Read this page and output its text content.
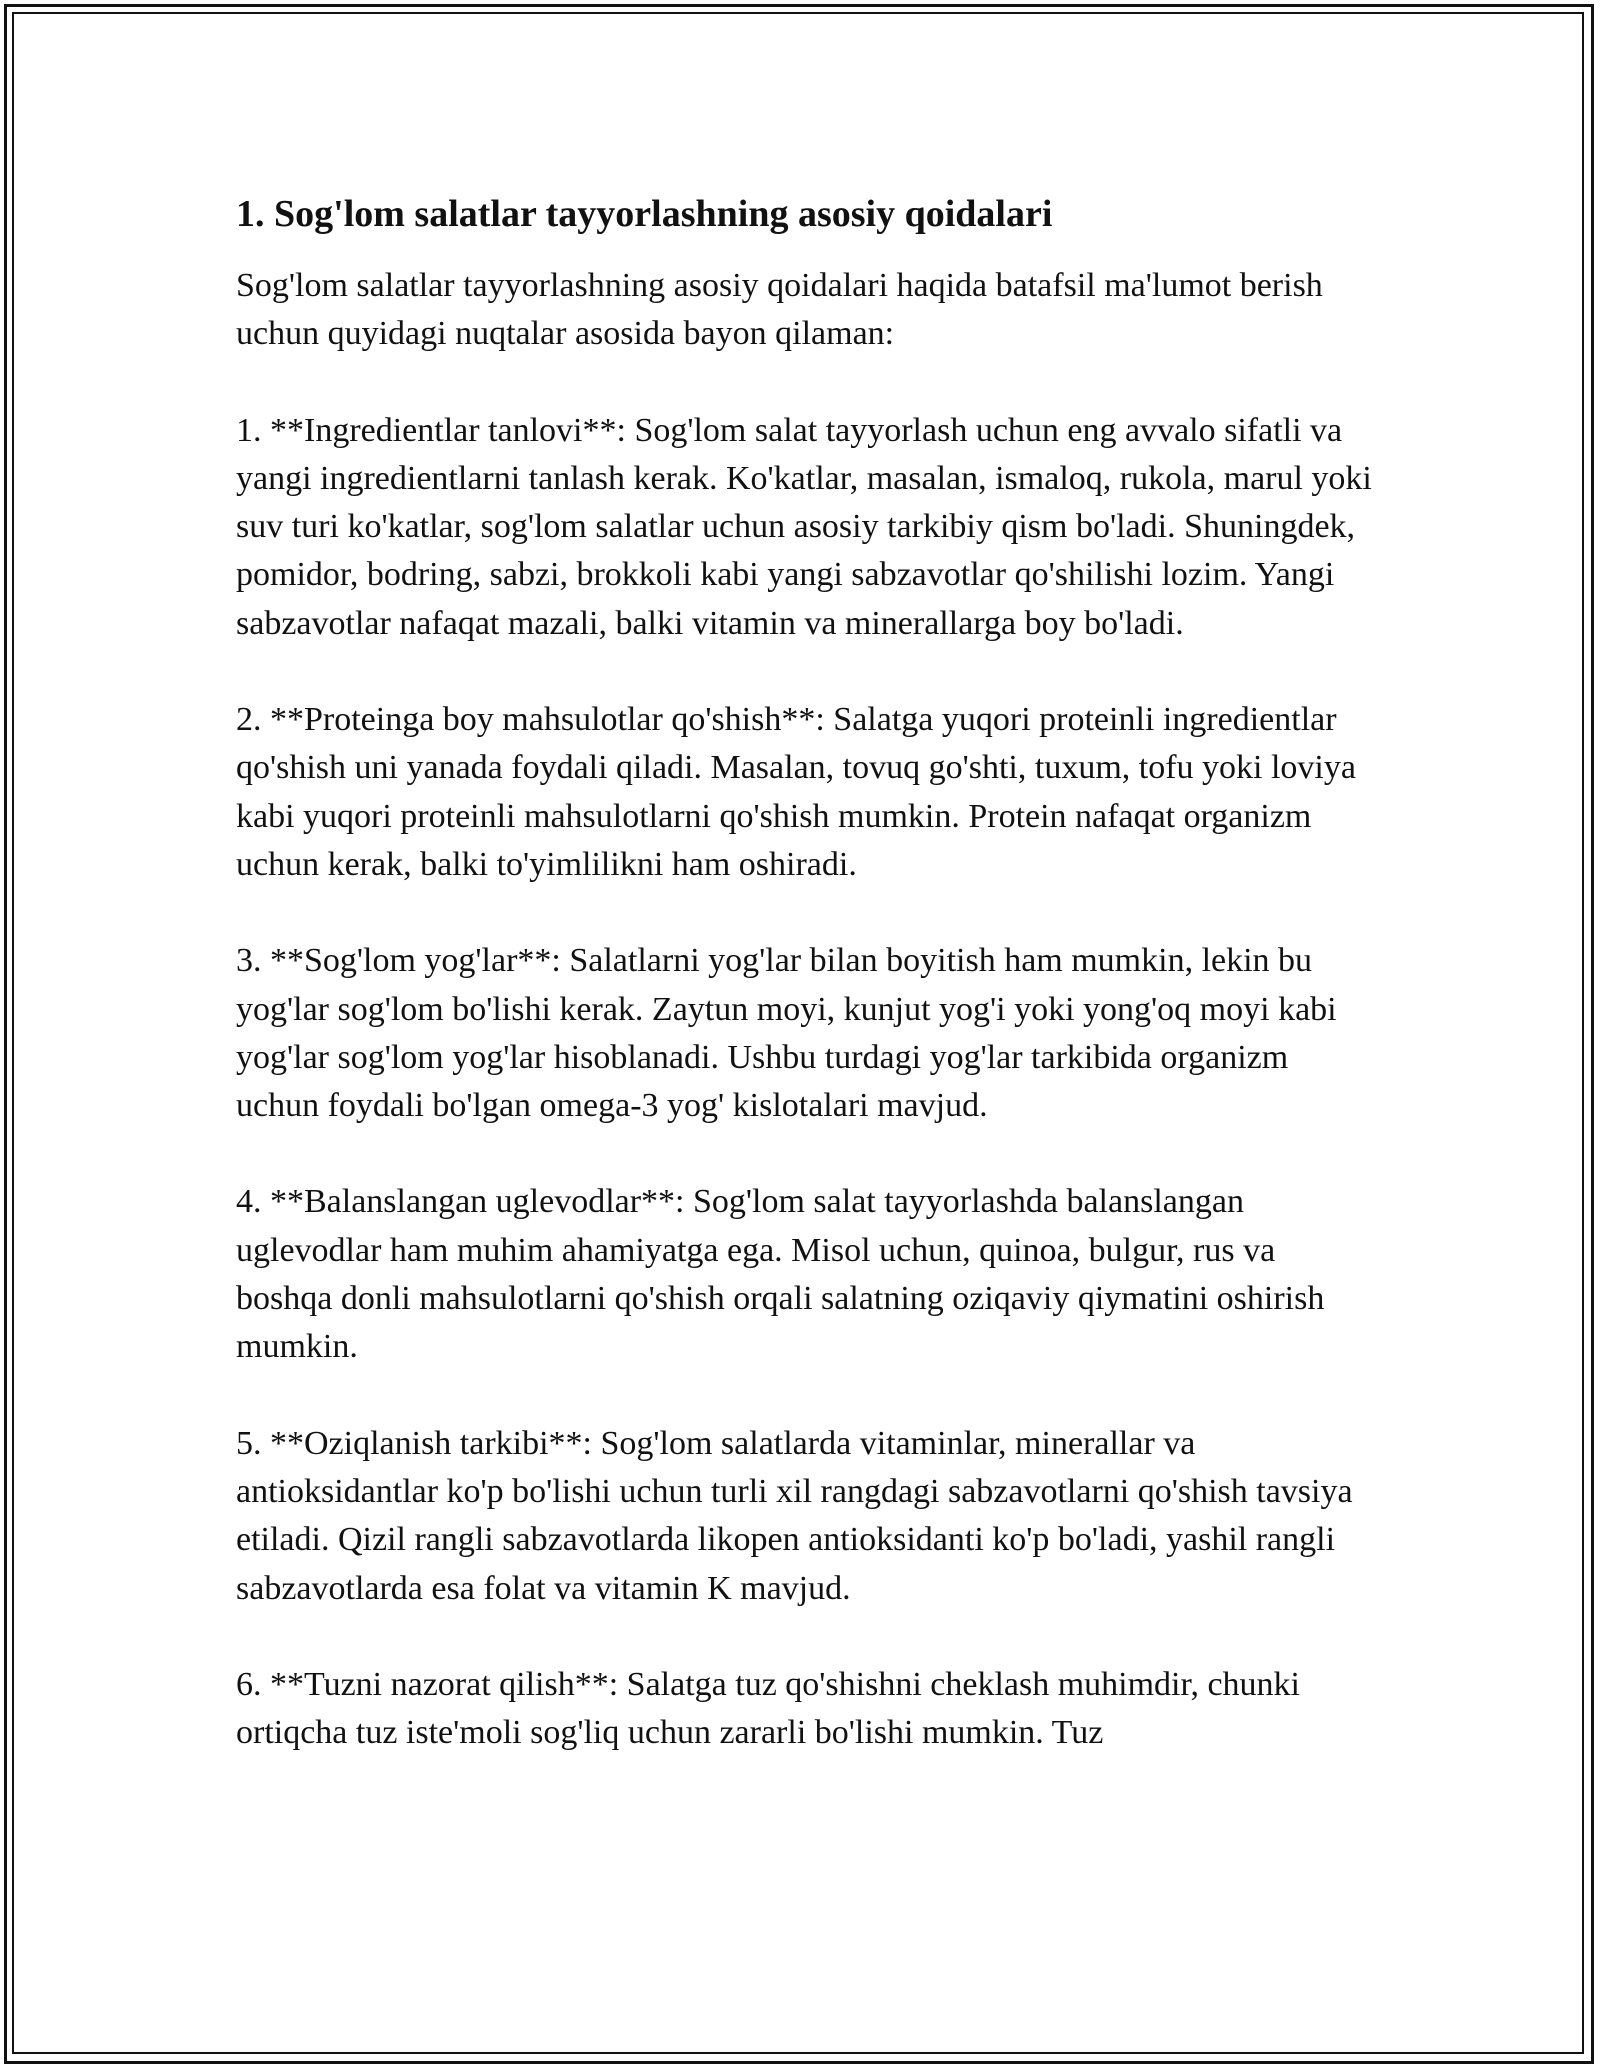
1. Sog'lom salatlar tayyorlashning asosiy qoidalari

Sog'lom salatlar tayyorlashning asosiy qoidalari haqida batafsil ma'lumot berish uchun quyidagi nuqtalar asosida bayon qilaman:

1. **Ingredientlar tanlovi**: Sog'lom salat tayyorlash uchun eng avvalo sifatli va yangi ingredientlarni tanlash kerak. Ko'katlar, masalan, ismaloq, rukola, marul yoki suv turi ko'katlar, sog'lom salatlar uchun asosiy tarkibiy qism bo'ladi. Shuningdek, pomidor, bodring, sabzi, brokkoli kabi yangi sabzavotlar qo'shilishi lozim. Yangi sabzavotlar nafaqat mazali, balki vitamin va minerallarga boy bo'ladi.

2. **Proteinga boy mahsulotlar qo'shish**: Salatga yuqori proteinli ingredientlar qo'shish uni yanada foydali qiladi. Masalan, tovuq go'shti, tuxum, tofu yoki loviya kabi yuqori proteinli mahsulotlarni qo'shish mumkin. Protein nafaqat organizm uchun kerak, balki to'yimlilikni ham oshiradi.

3. **Sog'lom yog'lar**: Salatlarni yog'lar bilan boyitish ham mumkin, lekin bu yog'lar sog'lom bo'lishi kerak. Zaytun moyi, kunjut yog'i yoki yong'oq moyi kabi yog'lar sog'lom yog'lar hisoblanadi. Ushbu turdagi yog'lar tarkibida organizm uchun foydali bo'lgan omega-3 yog' kislotalari mavjud.

4. **Balanslangan uglevodlar**: Sog'lom salat tayyorlashda balanslangan uglevodlar ham muhim ahamiyatga ega. Misol uchun, quinoa, bulgur, rus va boshqa donli mahsulotlarni qo'shish orqali salatning oziqaviy qiymatini oshirish mumkin.

5. **Oziqlanish tarkibi**: Sog'lom salatlarda vitaminlar, minerallar va antioksidantlar ko'p bo'lishi uchun turli xil rangdagi sabzavotlarni qo'shish tavsiya etiladi. Qizil rangli sabzavotlarda likopen antioksidanti ko'p bo'ladi, yashil rangli sabzavotlarda esa folat va vitamin K mavjud.

6. **Tuzni nazorat qilish**: Salatga tuz qo'shishni cheklash muhimdir, chunki ortiqcha tuz iste'moli sog'liq uchun zararli bo'lishi mumkin. Tuz
